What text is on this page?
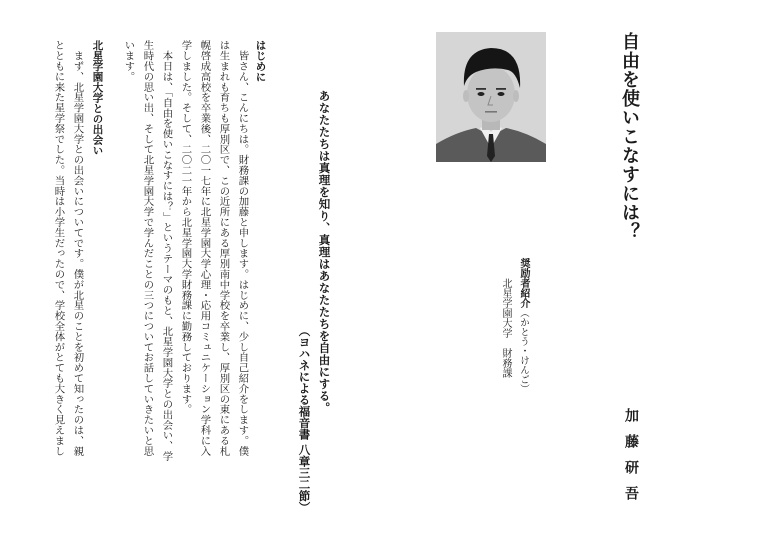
自由を使いこなすには？
加藤研吾
奨励者紹介（かとう・けんご）
北星学園大学　財務課
あなたたちは真理を知り、真理はあなたたちを自由にする。
（ヨハネによる福音書 八章三二節）
はじめに
　皆さん、こんにちは。財務課の加藤と申します。はじめに、少し自己紹介をします。僕
は生まれも育ちも厚別区で、この近所にある厚別南中学校を卒業し、厚別区の東にある札
幌啓成高校を卒業後、二〇一七年に北星学園大学心理・応用コミュニケーション学科に入
学しました。そして、二〇二一年から北星学園大学財務課に勤務しております。
　本日は、「自由を使いこなすには？」というテーマのもと、北星学園大学との出会い、学
生時代の思い出、そして北星学園大学で学んだことの三つについてお話していきたいと思
います。
北星学園大学との出会い
　まず、北星学園大学との出会いについてです。僕が北星のことを初めて知ったのは、親
とともに来た星学祭でした。当時は小学生だったので、学校全体がとても大きく見えまし
